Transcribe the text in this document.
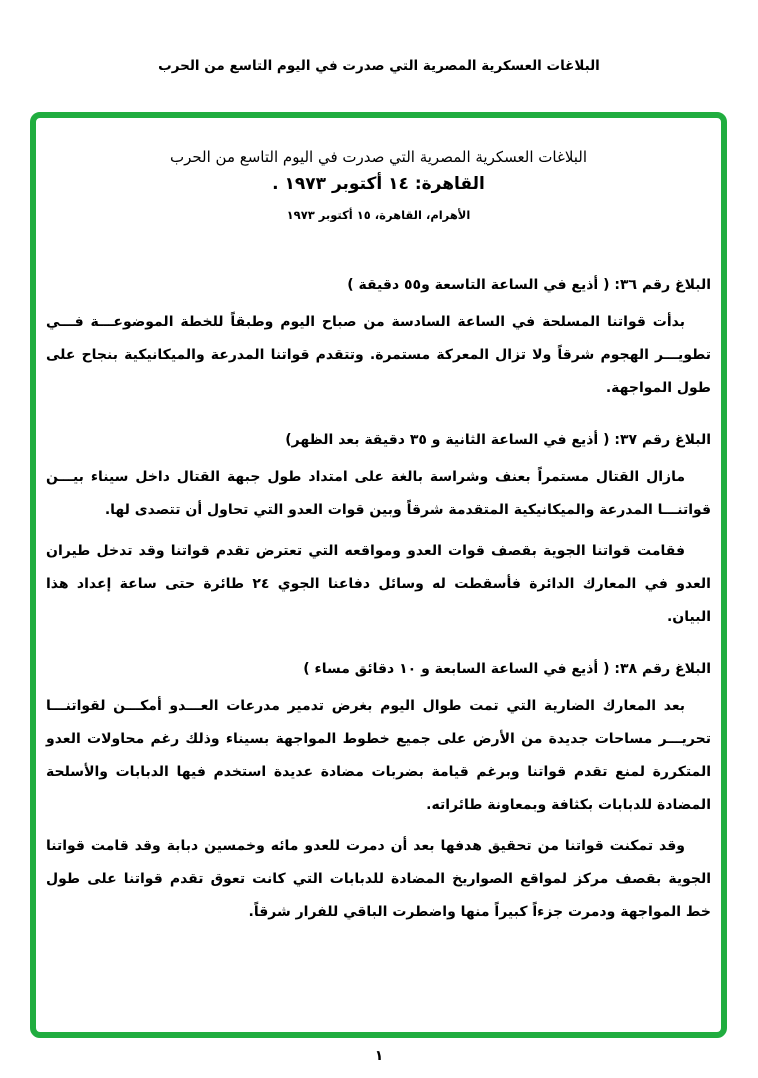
البلاغات العسكرية المصرية التي صدرت في اليوم التاسع من الحرب
البلاغات العسكرية المصرية التي صدرت في اليوم التاسع من الحرب
القاهرة: ١٤ أكتوبر ١٩٧٣ .
الأهرام، القاهرة، ١٥ أكتوبر ١٩٧٣
البلاغ رقم ٣٦: ( أذيع في الساعة التاسعة و٥٥ دقيقة )

بدأت قواتنا المسلحة في الساعة السادسة من صباح اليوم وطبقاً للخطة الموضوعـــة فـــي تطويـــر الهجوم شرقاً ولا تزال المعركة مستمرة. وتتقدم قواتنا المدرعة والميكانيكية بنجاح على طول المواجهة.

البلاغ رقم ٣٧: ( أذيع في الساعة الثانية و ٣٥ دقيقة بعد الظهر)

مازال القتال مستمراً بعنف وشراسة بالغة على امتداد طول جبهة القتال داخل سيناء بيـــن قواتنـــا المدرعة والميكانيكية المتقدمة شرقاً وبين قوات العدو التي تحاول أن تتصدى لها.

فقامت قواتنا الجوية بقصف قوات العدو ومواقعه التي تعترض تقدم قواتنا وقد تدخل طيران العدو في المعارك الدائرة فأسقطت له وسائل دفاعنا الجوي ٢٤ طائرة حتى ساعة إعداد هذا البيان.

البلاغ رقم ٣٨: ( أذيع في الساعة السابعة و ١٠ دقائق مساء )

بعد المعارك الضارية التي تمت طوال اليوم بغرض تدمير مدرعات العـــدو أمكـــن لقواتنـــا تحريـــر مساحات جديدة من الأرض على جميع خطوط المواجهة بسيناء وذلك رغم محاولات العدو المتكررة لمنع تقدم قواتنا وبرغم قيامة بضربات مضادة عديدة استخدم فيها الدبابات والأسلحة المضادة للدبابات بكثافة وبمعاونة طائراته.

وقد تمكنت قواتنا من تحقيق هدفها بعد أن دمرت للعدو مائه وخمسين دبابة وقد قامت قواتنا الجوية بقصف مركز لمواقع الصواريخ المضادة للدبابات التي كانت تعوق تقدم قواتنا على طول خط المواجهة ودمرت جزءاً كبيراً منها واضطرت الباقي للفرار شرقاً.

١
